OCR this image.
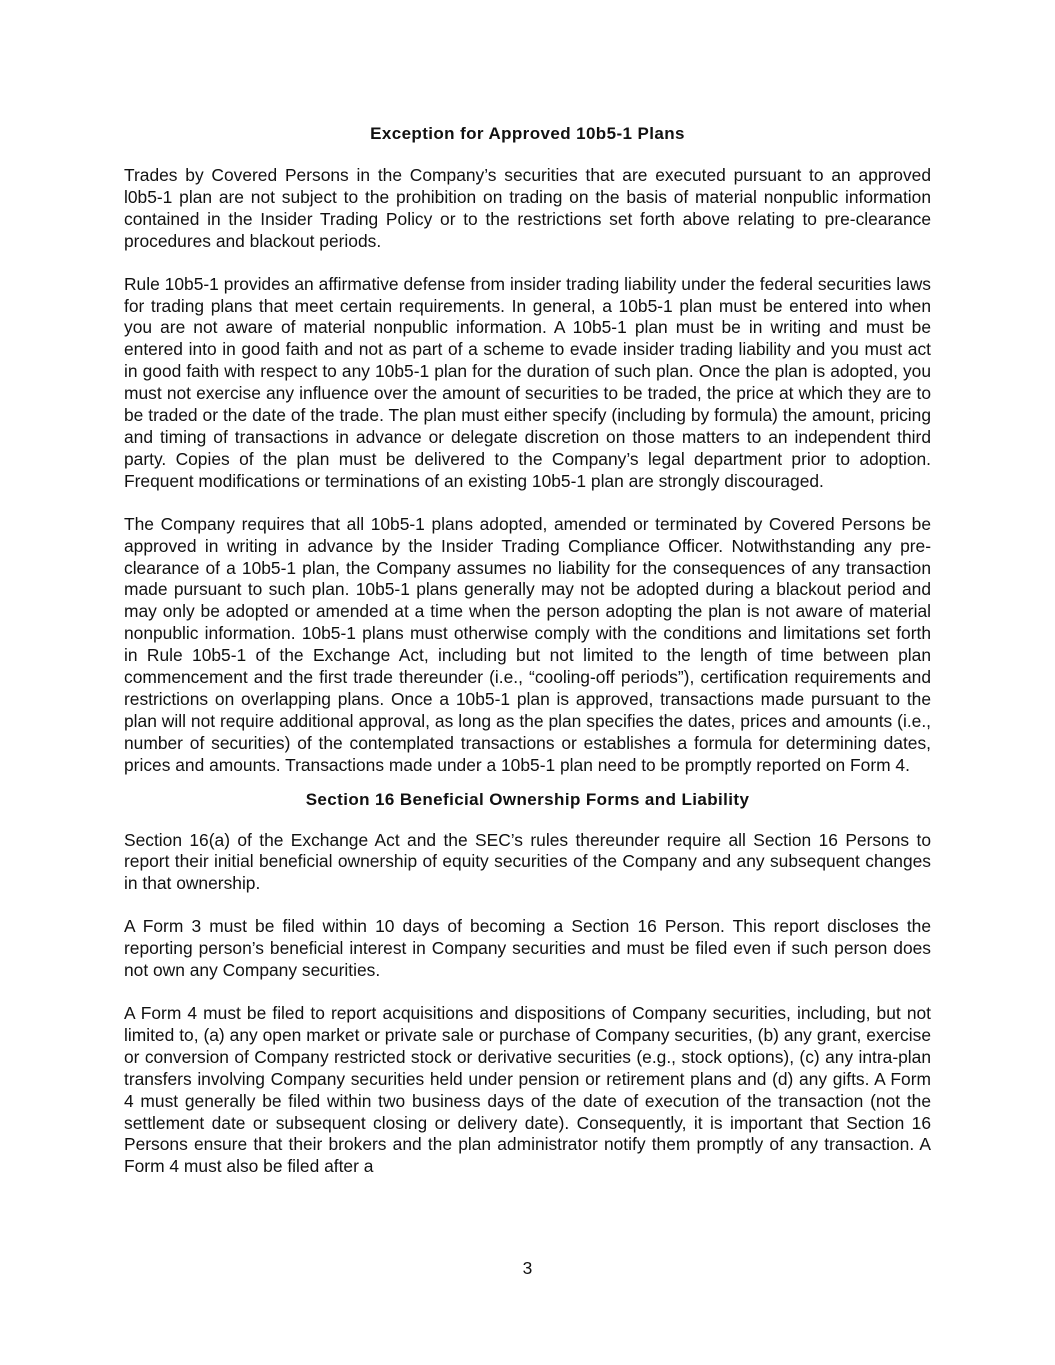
Exception for Approved 10b5-1 Plans

Trades by Covered Persons in the Company’s securities that are executed pursuant to an approved l0b5-1 plan are not subject to the prohibition on trading on the basis of material nonpublic information contained in the Insider Trading Policy or to the restrictions set forth above relating to pre-clearance procedures and blackout periods.

Rule 10b5-1 provides an affirmative defense from insider trading liability under the federal securities laws for trading plans that meet certain requirements. In general, a 10b5-1 plan must be entered into when you are not aware of material nonpublic information. A 10b5-1 plan must be in writing and must be entered into in good faith and not as part of a scheme to evade insider trading liability and you must act in good faith with respect to any 10b5-1 plan for the duration of such plan. Once the plan is adopted, you must not exercise any influence over the amount of securities to be traded, the price at which they are to be traded or the date of the trade. The plan must either specify (including by formula) the amount, pricing and timing of transactions in advance or delegate discretion on those matters to an independent third party. Copies of the plan must be delivered to the Company’s legal department prior to adoption. Frequent modifications or terminations of an existing 10b5-1 plan are strongly discouraged.

The Company requires that all 10b5-1 plans adopted, amended or terminated by Covered Persons be approved in writing in advance by the Insider Trading Compliance Officer. Notwithstanding any pre-clearance of a 10b5-1 plan, the Company assumes no liability for the consequences of any transaction made pursuant to such plan. 10b5-1 plans generally may not be adopted during a blackout period and may only be adopted or amended at a time when the person adopting the plan is not aware of material nonpublic information. 10b5-1 plans must otherwise comply with the conditions and limitations set forth in Rule 10b5-1 of the Exchange Act, including but not limited to the length of time between plan commencement and the first trade thereunder (i.e., “cooling-off periods”), certification requirements and restrictions on overlapping plans. Once a 10b5-1 plan is approved, transactions made pursuant to the plan will not require additional approval, as long as the plan specifies the dates, prices and amounts (i.e., number of securities) of the contemplated transactions or establishes a formula for determining dates, prices and amounts. Transactions made under a 10b5-1 plan need to be promptly reported on Form 4.

Section 16 Beneficial Ownership Forms and Liability

Section 16(a) of the Exchange Act and the SEC’s rules thereunder require all Section 16 Persons to report their initial beneficial ownership of equity securities of the Company and any subsequent changes in that ownership.

A Form 3 must be filed within 10 days of becoming a Section 16 Person. This report discloses the reporting person’s beneficial interest in Company securities and must be filed even if such person does not own any Company securities.

A Form 4 must be filed to report acquisitions and dispositions of Company securities, including, but not limited to, (a) any open market or private sale or purchase of Company securities, (b) any grant, exercise or conversion of Company restricted stock or derivative securities (e.g., stock options), (c) any intra-plan transfers involving Company securities held under pension or retirement plans and (d) any gifts. A Form 4 must generally be filed within two business days of the date of execution of the transaction (not the settlement date or subsequent closing or delivery date). Consequently, it is important that Section 16 Persons ensure that their brokers and the plan administrator notify them promptly of any transaction. A Form 4 must also be filed after a

3
